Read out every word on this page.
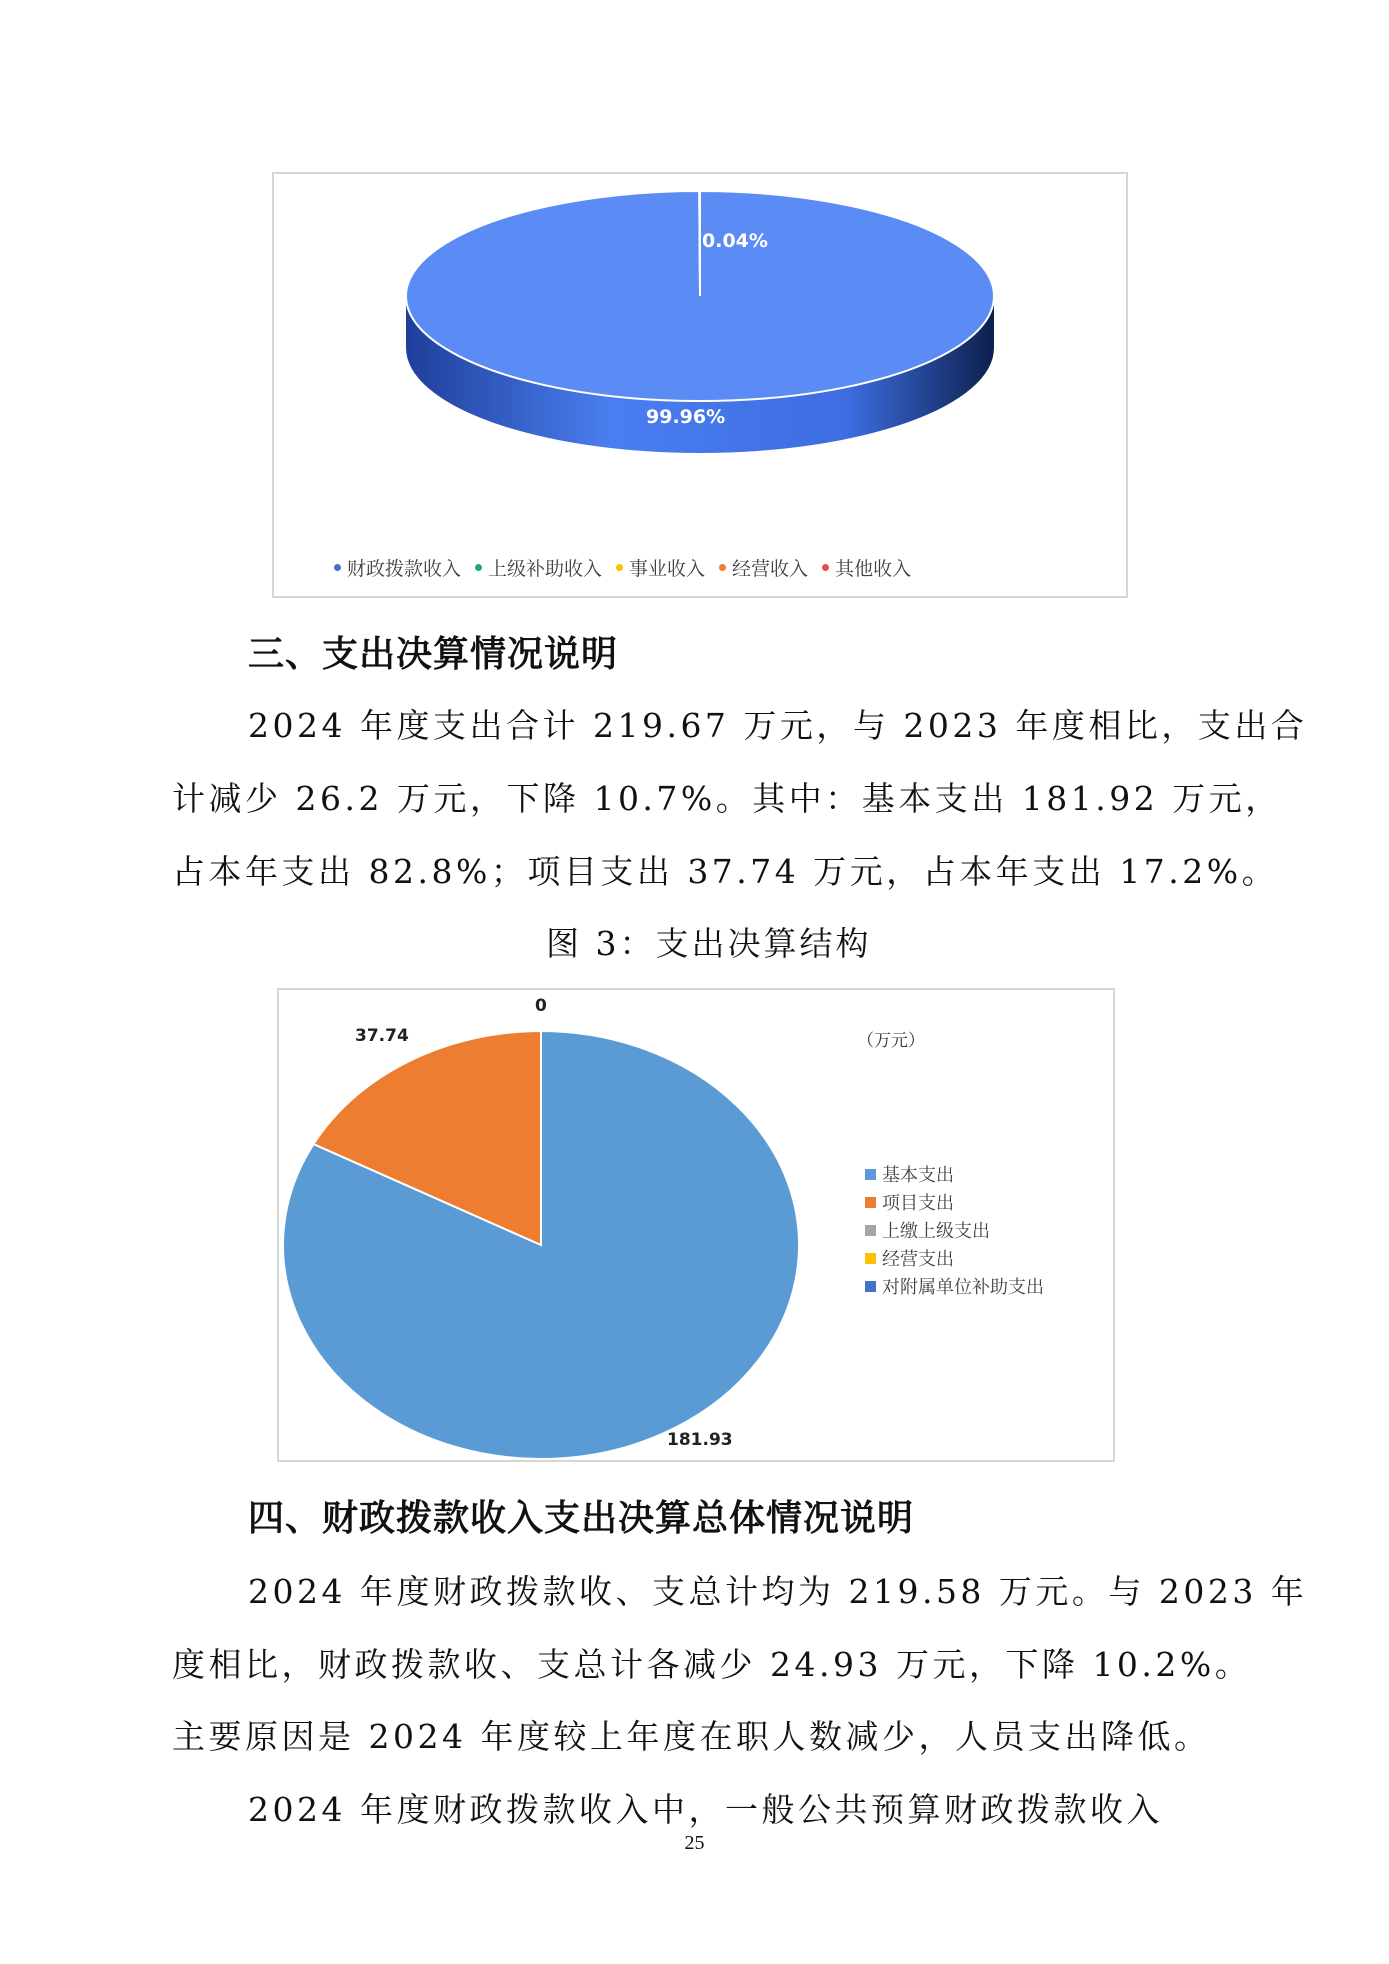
0.04%
99.96%
财政拨款收入 上级补助收入 事业收入 经营收入 其他收入
三、支出决算情况说明
2024 年度支出合计 219.67 万元，与 2023 年度相比，支出合
计减少 26.2 万元，下降 10.7%。其中：基本支出 181.92 万元，
占本年支出 82.8%；项目支出 37.74 万元，占本年支出 17.2%。
图 3：支出决算结构
0
37.74
181.93
（万元）
基本支出
项目支出
上缴上级支出
经营支出
对附属单位补助支出
四、财政拨款收入支出决算总体情况说明
2024 年度财政拨款收、支总计均为 219.58 万元。与 2023 年
度相比，财政拨款收、支总计各减少 24.93 万元，下降 10.2%。
主要原因是 2024 年度较上年度在职人数减少，人员支出降低。
2024 年度财政拨款收入中，一般公共预算财政拨款收入
25
